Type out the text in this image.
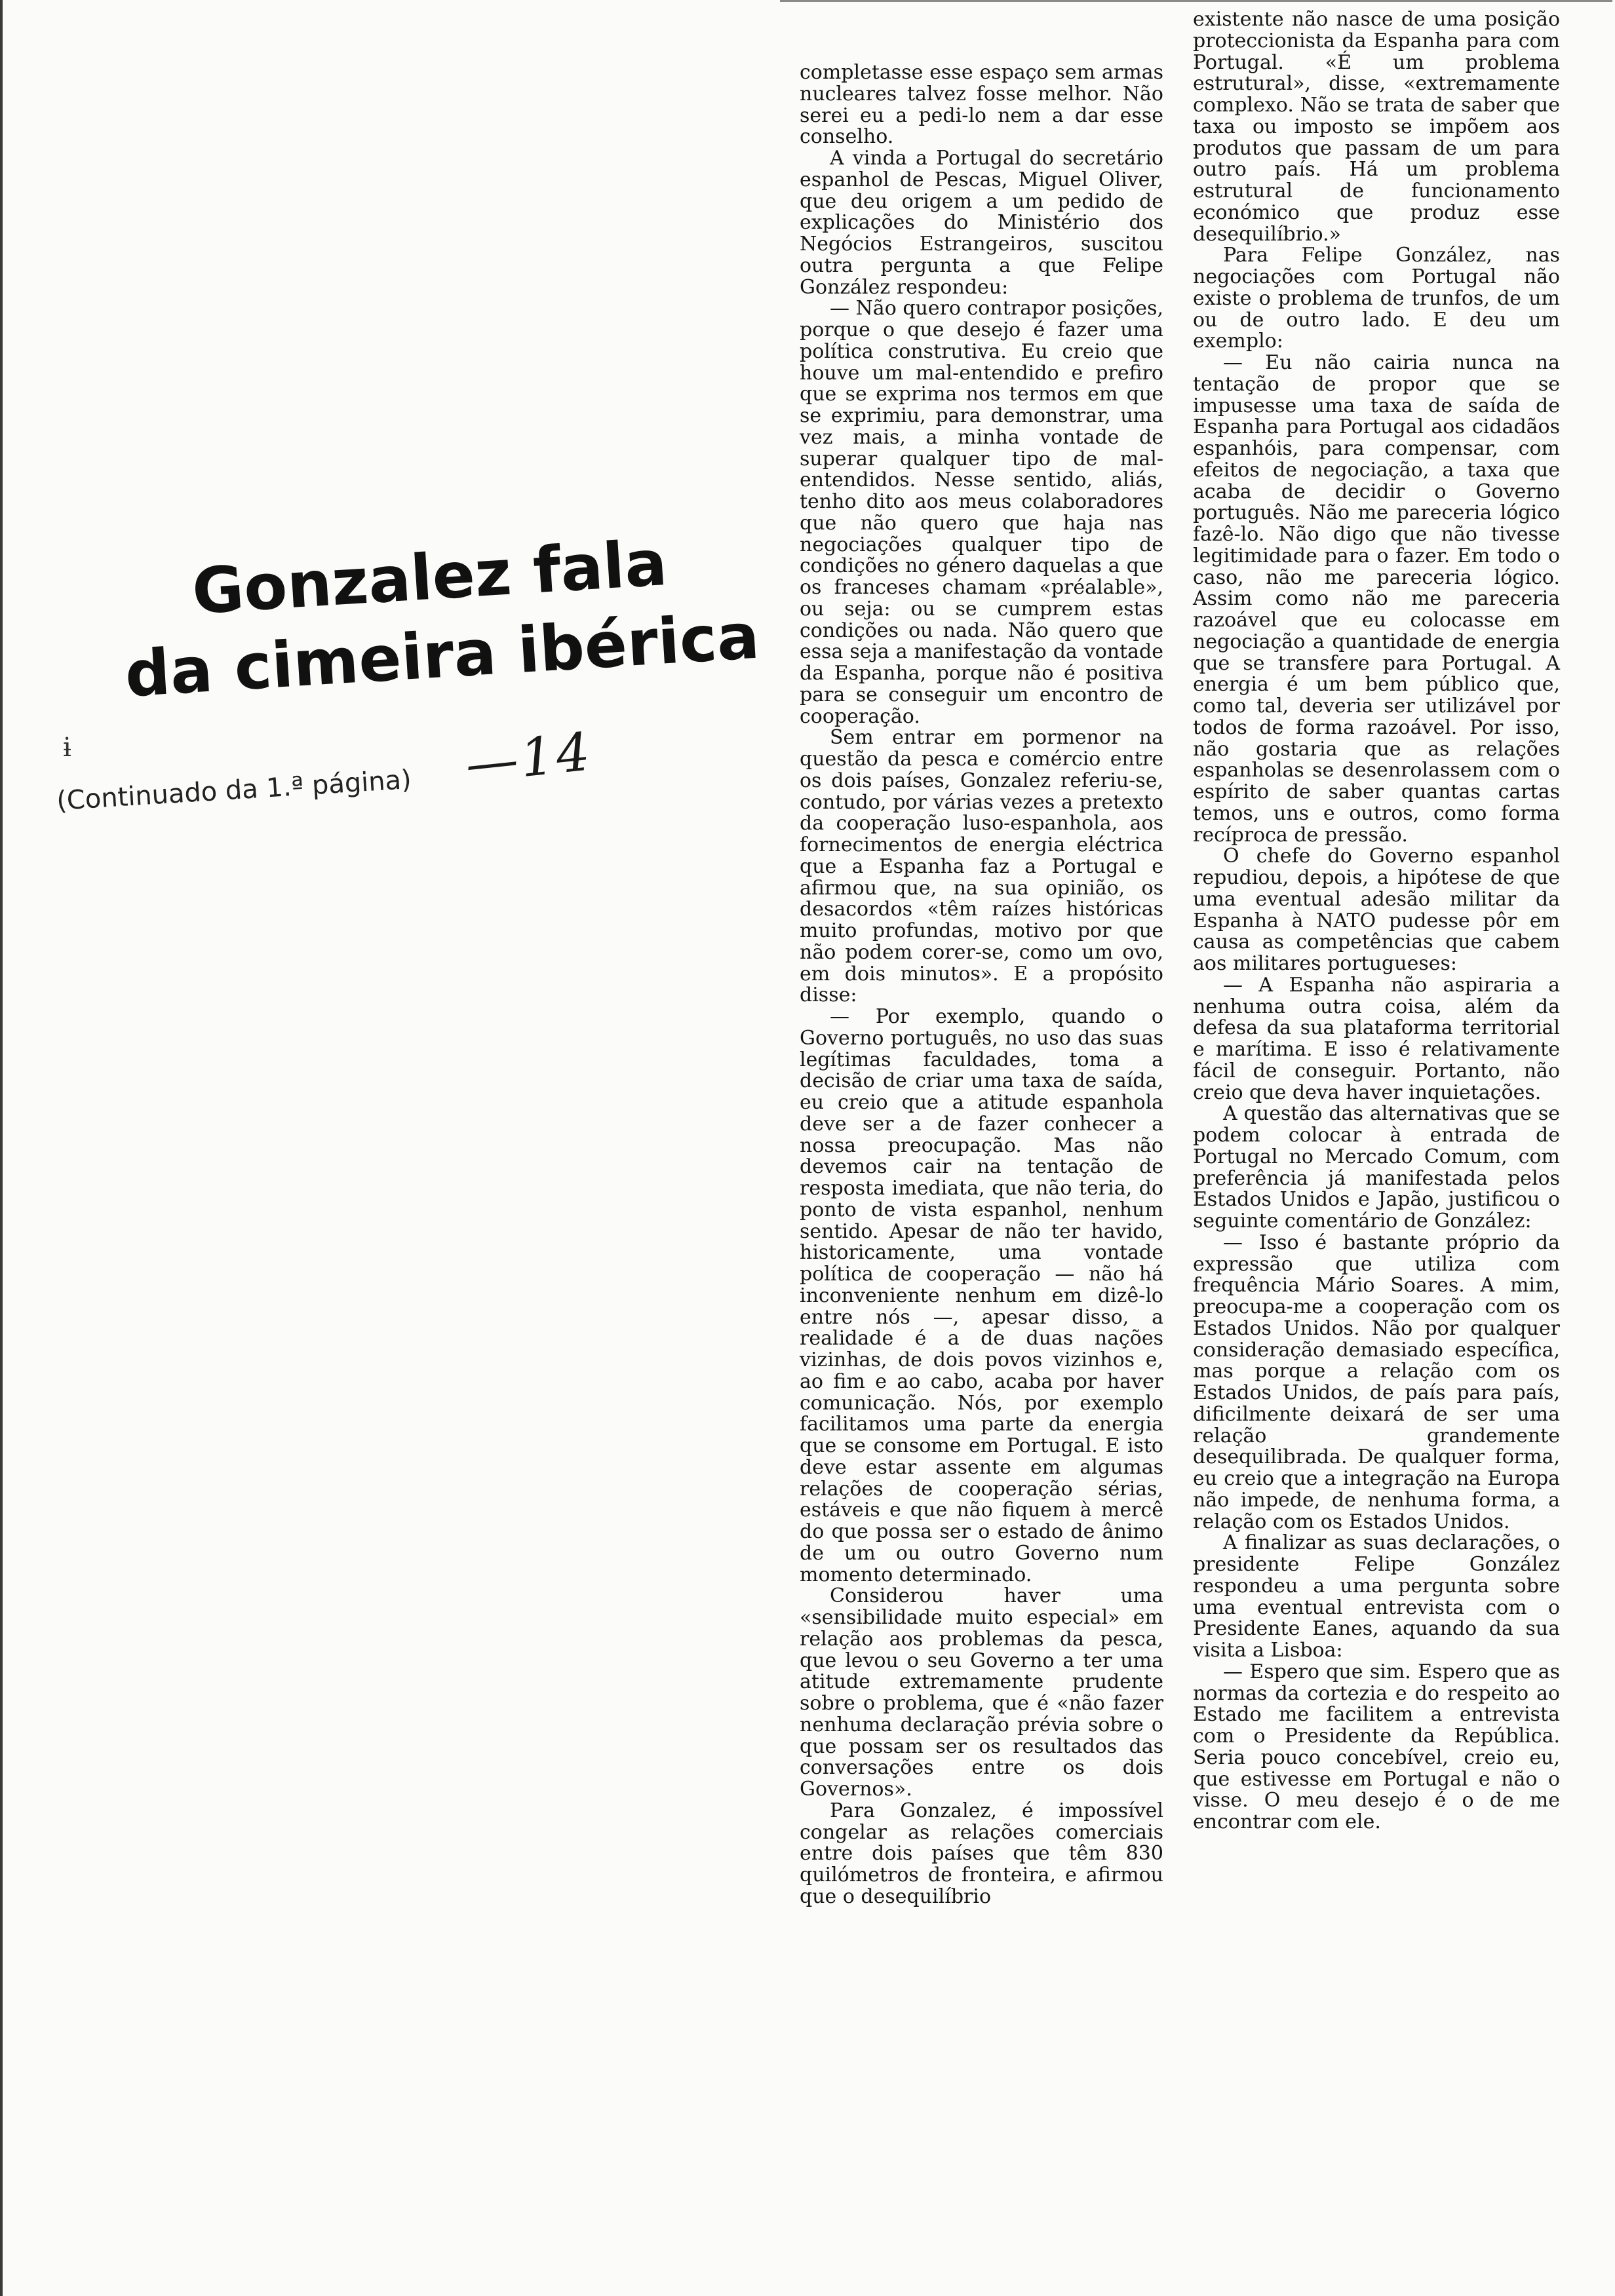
Gonzalez fala
da cimeira ibérica
ɨ	—14
(Continuado da 1.ª página)

completasse esse espaço sem armas nucleares talvez fosse melhor. Não serei eu a pedi-lo nem a dar esse conselho.

A vinda a Portugal do secretário espanhol de Pescas, Miguel Oliver, que deu origem a um pedido de explicações do Ministério dos Negócios Estrangeiros, suscitou outra pergunta a que Felipe González respondeu:

— Não quero contrapor posições, porque o que desejo é fazer uma política construtiva. Eu creio que houve um mal-entendido e prefiro que se exprima nos termos em que se exprimiu, para demonstrar, uma vez mais, a minha vontade de superar qualquer tipo de mal-entendidos. Nesse sentido, aliás, tenho dito aos meus colaboradores que não quero que haja nas negociações qualquer tipo de condições no género daquelas a que os franceses chamam «préalable», ou seja: ou se cumprem estas condições ou nada. Não quero que essa seja a manifestação da vontade da Espanha, porque não é positiva para se conseguir um encontro de cooperação.

Sem entrar em pormenor na questão da pesca e comércio entre os dois países, Gonzalez referiu-se, contudo, por várias vezes a pretexto da cooperação luso-espanhola, aos fornecimentos de energia eléctrica que a Espanha faz a Portugal e afirmou que, na sua opinião, os desacordos «têm raízes históricas muito profundas, motivo por que não podem corer-se, como um ovo, em dois minutos». E a propósito disse:

— Por exemplo, quando o Governo português, no uso das suas legítimas faculdades, toma a decisão de criar uma taxa de saída, eu creio que a atitude espanhola deve ser a de fazer conhecer a nossa preocupação. Mas não devemos cair na tentação de resposta imediata, que não teria, do ponto de vista espanhol, nenhum sentido. Apesar de não ter havido, historicamente, uma vontade política de cooperação — não há inconveniente nenhum em dizê-lo entre nós —, apesar disso, a realidade é a de duas nações vizinhas, de dois povos vizinhos e, ao fim e ao cabo, acaba por haver comunicação. Nós, por exemplo facilitamos uma parte da energia que se consome em Portugal. E isto deve estar assente em algumas relações de cooperação sérias, estáveis e que não fiquem à mercê do que possa ser o estado de ânimo de um ou outro Governo num momento determinado.

Considerou haver uma «sensibilidade muito especial» em relação aos problemas da pesca, que levou o seu Governo a ter uma atitude extremamente prudente sobre o problema, que é «não fazer nenhuma declaração prévia sobre o que possam ser os resultados das conversações entre os dois Governos».

Para Gonzalez, é impossível congelar as relações comerciais entre dois países que têm 830 quilómetros de fronteira, e afirmou que o desequilíbrio

existente não nasce de uma posição proteccionista da Espanha para com Portugal. «É um problema estrutural», disse, «extremamente complexo. Não se trata de saber que taxa ou imposto se impõem aos produtos que passam de um para outro país. Há um problema estrutural de funcionamento económico que produz esse desequilíbrio.»

Para Felipe González, nas negociações com Portugal não existe o problema de trunfos, de um ou de outro lado. E deu um exemplo:

— Eu não cairia nunca na tentação de propor que se impusesse uma taxa de saída de Espanha para Portugal aos cidadãos espanhóis, para compensar, com efeitos de negociação, a taxa que acaba de decidir o Governo português. Não me pareceria lógico fazê-lo. Não digo que não tivesse legitimidade para o fazer. Em todo o caso, não me pareceria lógico. Assim como não me pareceria razoável que eu colocasse em negociação a quantidade de energia que se transfere para Portugal. A energia é um bem público que, como tal, deveria ser utilizável por todos de forma razoável. Por isso, não gostaria que as relações espanholas se desenrolassem com o espírito de saber quantas cartas temos, uns e outros, como forma recíproca de pressão.

O chefe do Governo espanhol repudiou, depois, a hipótese de que uma eventual adesão militar da Espanha à NATO pudesse pôr em causa as competências que cabem aos militares portugueses:

— A Espanha não aspiraria a nenhuma outra coisa, além da defesa da sua plataforma territorial e marítima. E isso é relativamente fácil de conseguir. Portanto, não creio que deva haver inquietações.

A questão das alternativas que se podem colocar à entrada de Portugal no Mercado Comum, com preferência já manifestada pelos Estados Unidos e Japão, justificou o seguinte comentário de González:

— Isso é bastante próprio da expressão que utiliza com frequência Mário Soares. A mim, preocupa-me a cooperação com os Estados Unidos. Não por qualquer consideração demasiado específica, mas porque a relação com os Estados Unidos, de país para país, dificilmente deixará de ser uma relação grandemente desequilibrada. De qualquer forma, eu creio que a integração na Europa não impede, de nenhuma forma, a relação com os Estados Unidos.

A finalizar as suas declarações, o presidente Felipe González respondeu a uma pergunta sobre uma eventual entrevista com o Presidente Eanes, aquando da sua visita a Lisboa:

— Espero que sim. Espero que as normas da cortezia e do respeito ao Estado me facilitem a entrevista com o Presidente da República. Seria pouco concebível, creio eu, que estivesse em Portugal e não o visse. O meu desejo é o de me encontrar com ele.
